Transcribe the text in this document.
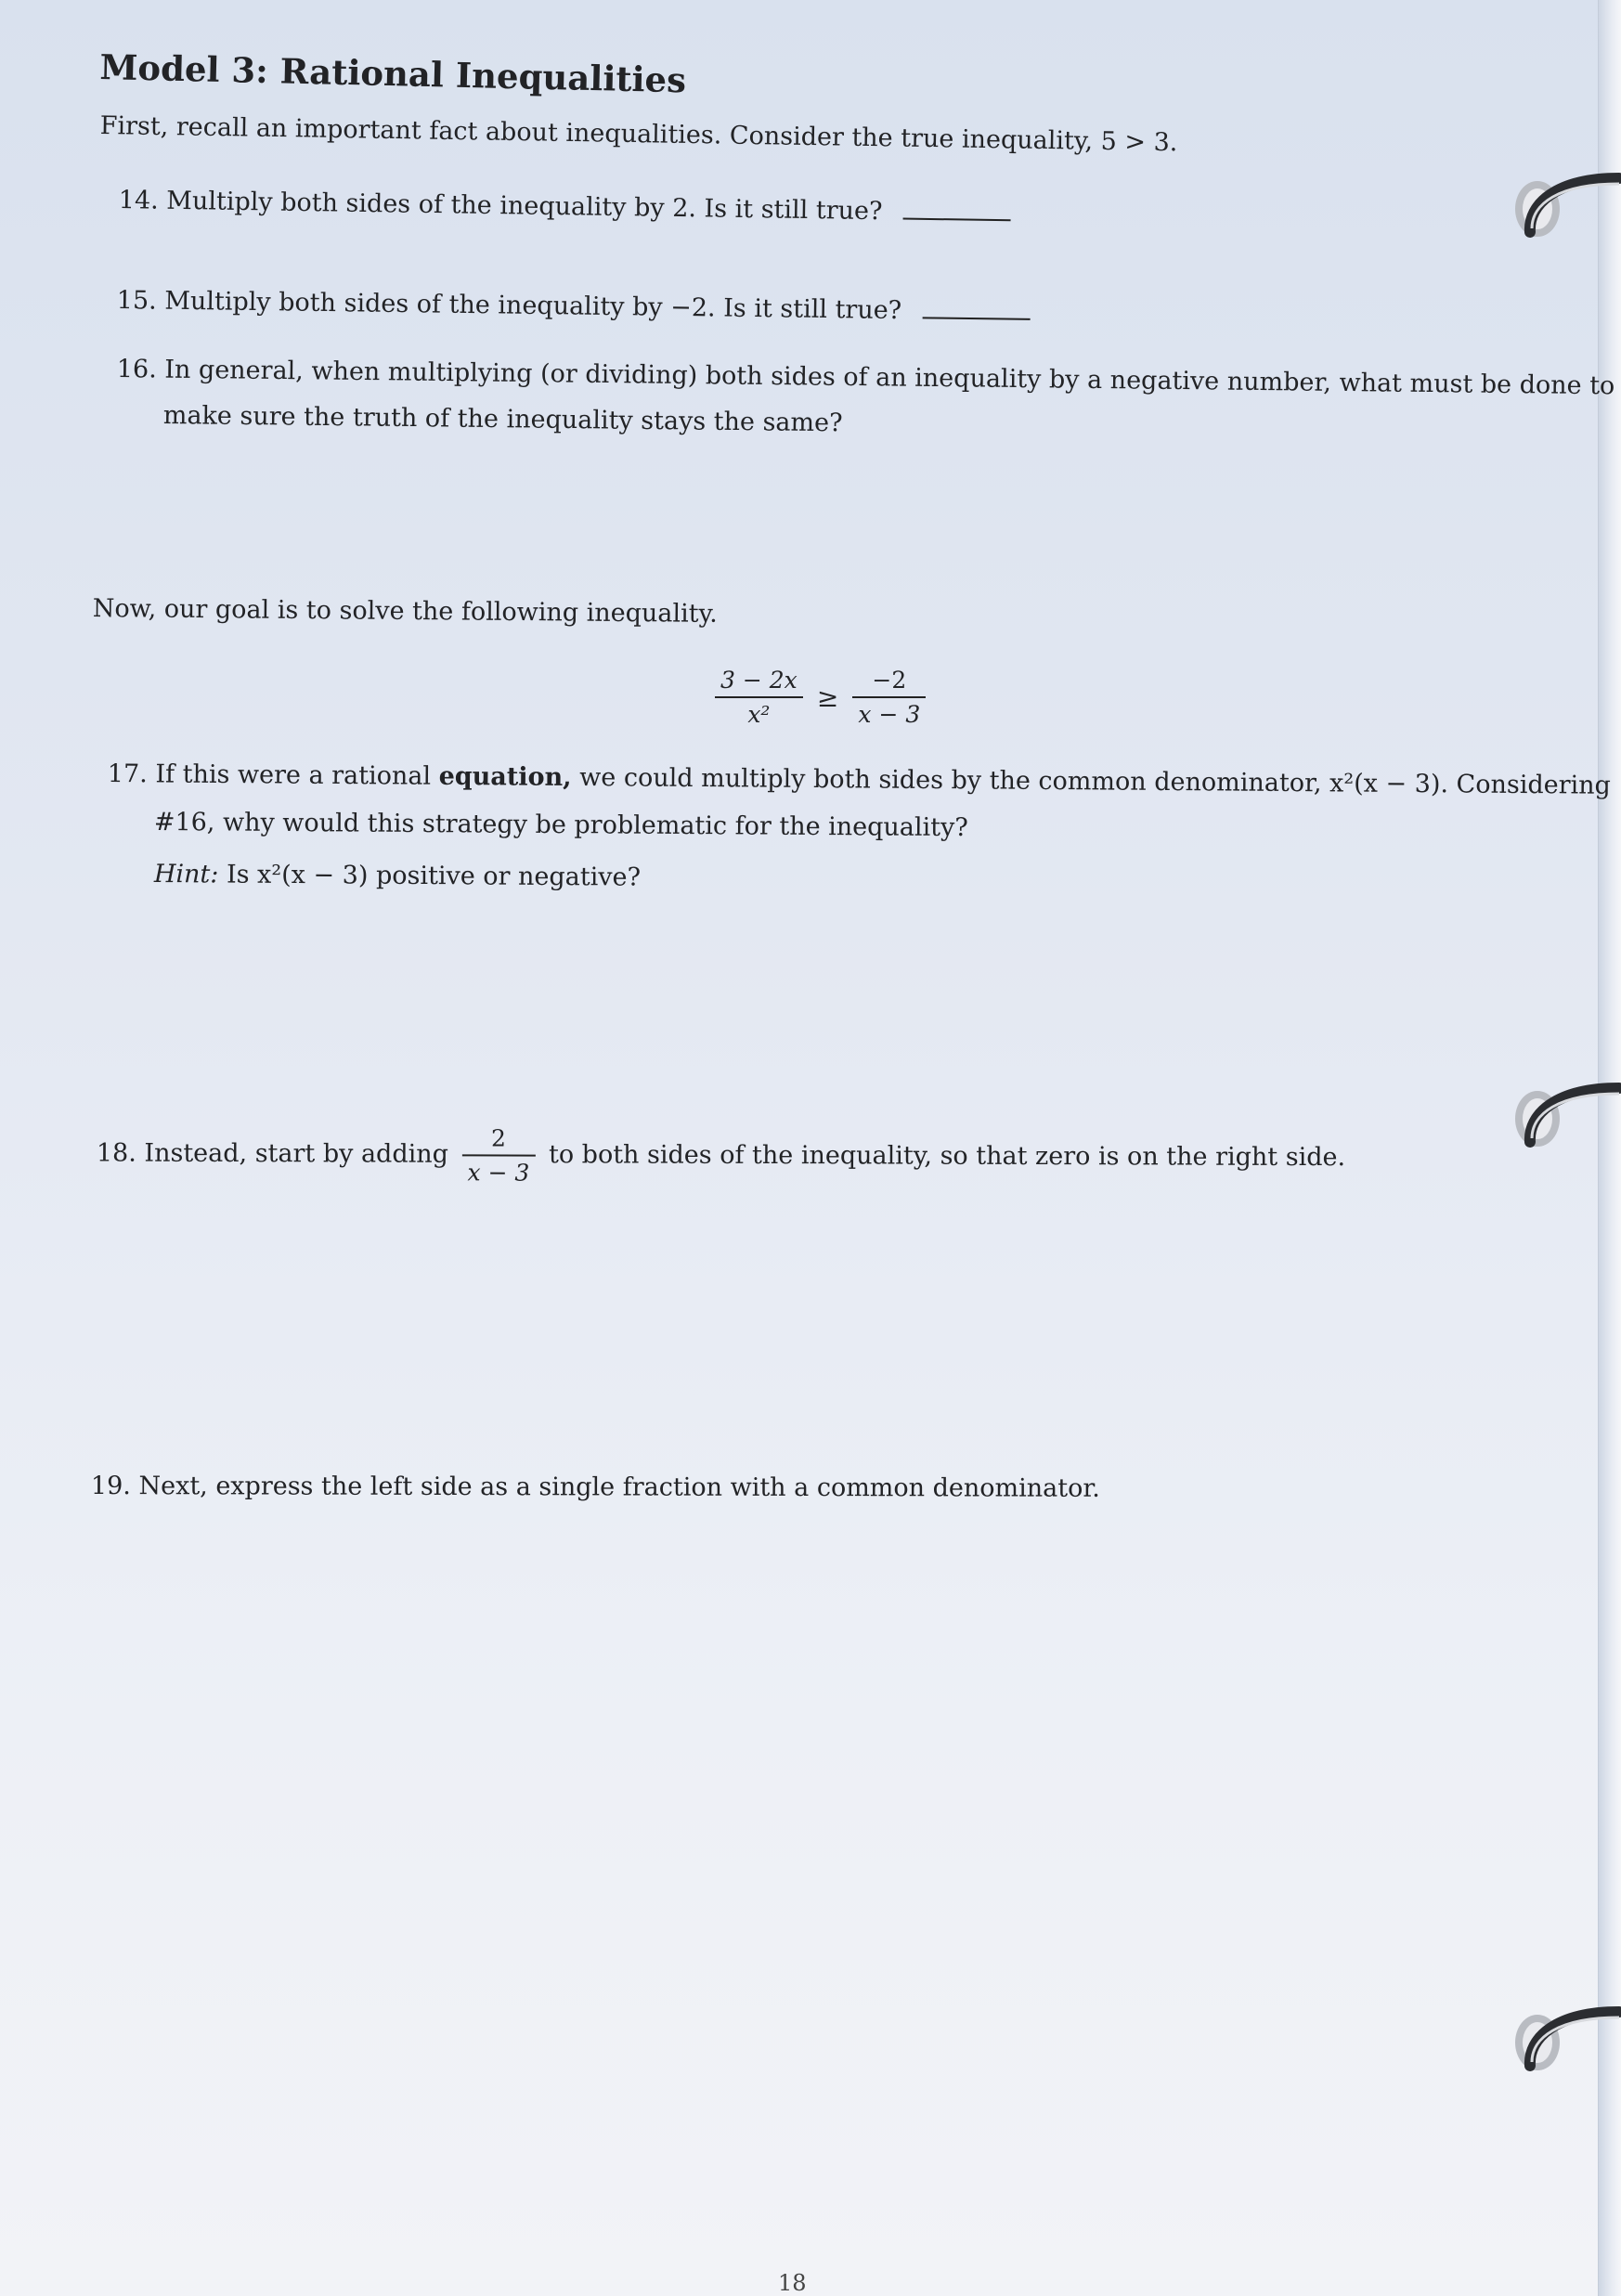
Model 3: Rational Inequalities
First, recall an important fact about inequalities. Consider the true inequality, 5 > 3.
14. Multiply both sides of the inequality by 2. Is it still true?
15. Multiply both sides of the inequality by −2. Is it still true?
16. In general, when multiplying (or dividing) both sides of an inequality by a negative number, what must be done to
make sure the truth of the inequality stays the same?
Now, our goal is to solve the following inequality.
$\frac{3 - 2x}{\text{x²}} \ge \frac{-2}{x - 3}$
17. If this were a rational equation, we could multiply both sides by the common denominator, x²(x − 3). Considering
#16, why would this strategy be problematic for the inequality?
Hint: Is x²(x − 3) positive or negative?
18. Instead, start by adding $\frac{2}{x - 3}$ to both sides of the inequality, so that zero is on the right side.
19. Next, express the left side as a single fraction with a common denominator.
18
